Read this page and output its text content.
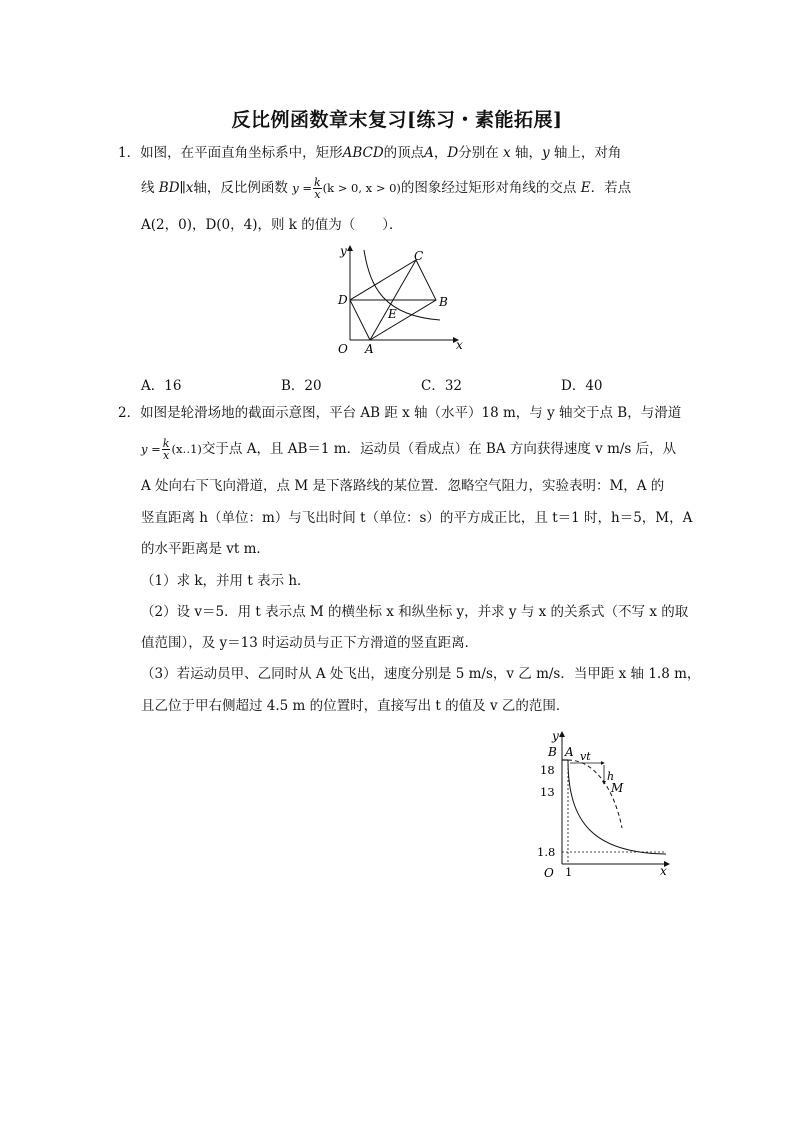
反比例函数章末复习[练习・素能拓展]
1．如图，在平面直角坐标系中，矩形ABCD的顶点A，D分别在 x 轴，y 轴上，对角
线 BD∥x轴，反比例函数 $y = \frac{k}{x} (k > 0$, x > 0)的图象经过矩形对角线的交点 E．若点
A(2，0)，D(0，4)，则 k 的值为（　　）．
y
x
O A
B
C
D
E
A．16	B．20	C．32	D．40
2．如图是轮滑场地的截面示意图，平台 AB 距 x 轴（水平）18 m，与 y 轴交于点 B，与滑道
$y = \frac{k}{x}$ (x‥1)交于点 A，且 AB＝1 m．运动员（看成点）在 BA 方向获得速度 v m/s 后，从
A 处向右下飞向滑道，点 M 是下落路线的某位置．忽略空气阻力，实验表明：M，A 的
竖直距离 h（单位：m）与飞出时间 t（单位：s）的平方成正比，且 t＝1 时，h＝5，M，A
的水平距离是 vt m．
（1）求 k，并用 t 表示 h．
（2）设 v＝5．用 t 表示点 M 的横坐标 x 和纵坐标 y，并求 y 与 x 的关系式（不写 x 的取
值范围），及 y＝13 时运动员与正下方滑道的竖直距离．
（3）若运动员甲、乙同时从 A 处飞出，速度分别是 5 m/s，v 乙 m/s．当甲距 x 轴 1.8 m，
且乙位于甲右侧超过 4.5 m 的位置时，直接写出 t 的值及 v 乙的范围．
y
x
O
B A vt
h
M
18
13
1.8
1
